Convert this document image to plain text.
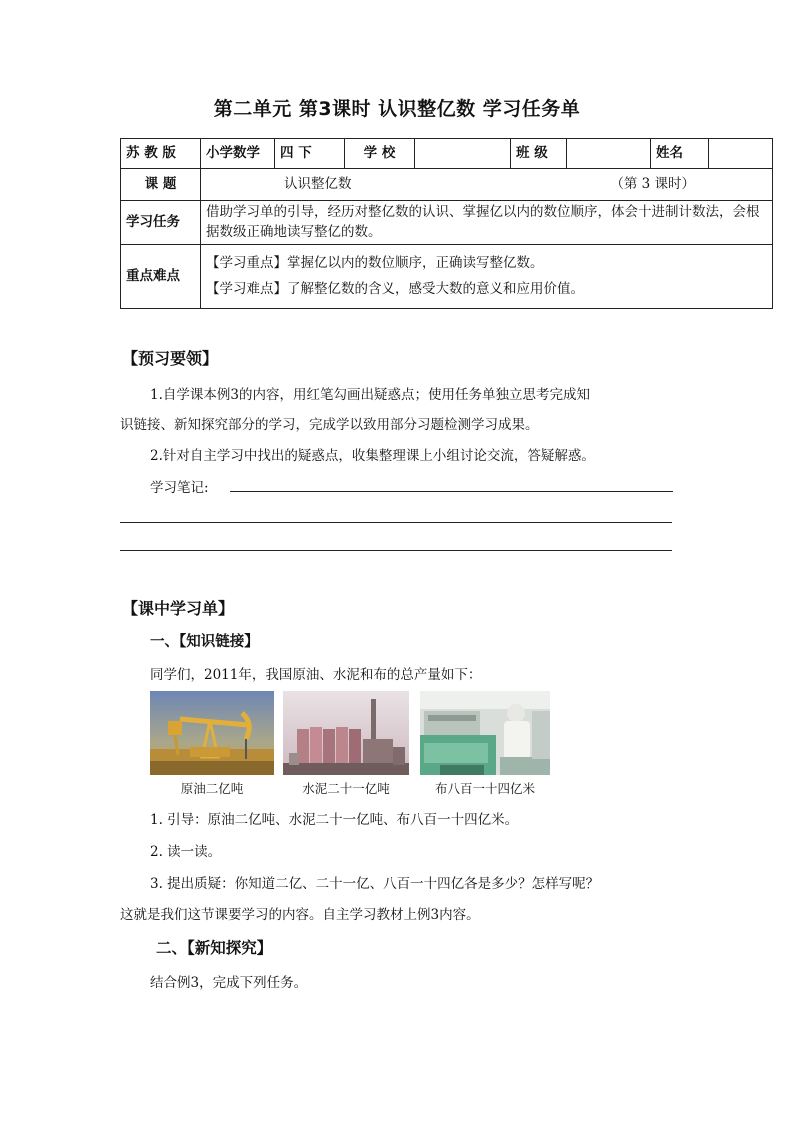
第二单元 第3课时 认识整亿数 学习任务单
苏 教 版	小学数学	四 下	学 校		班 级		姓名	
课 题	认识整亿数 （第 3 课时）							

学习任务	借助学习单的引导，经历对整亿数的认识、掌握亿以内的数位顺序，体会十进制计数法，会根据数级正确地读写整亿的数。							
重点难点	【学习重点】掌握亿以内的数位顺序，正确读写整亿数。
【学习难点】了解整亿数的含义，感受大数的意义和应用价值。							
【预习要领】
1.自学课本例3的内容，用红笔勾画出疑惑点；使用任务单独立思考完成知
识链接、新知探究部分的学习，完成学以致用部分习题检测学习成果。
2.针对自主学习中找出的疑惑点，收集整理课上小组讨论交流，答疑解惑。
学习笔记:
【课中学习单】
一、【知识链接】
同学们，2011年，我国原油、水泥和布的总产量如下：
原油二亿吨	水泥二十一亿吨	布八百一十四亿米
1. 引导：原油二亿吨、水泥二十一亿吨、布八百一十四亿米。
2. 读一读。
3. 提出质疑：你知道二亿、二十一亿、八百一十四亿各是多少？怎样写呢？
这就是我们这节课要学习的内容。自主学习教材上例3内容。
二、【新知探究】
结合例3，完成下列任务。
